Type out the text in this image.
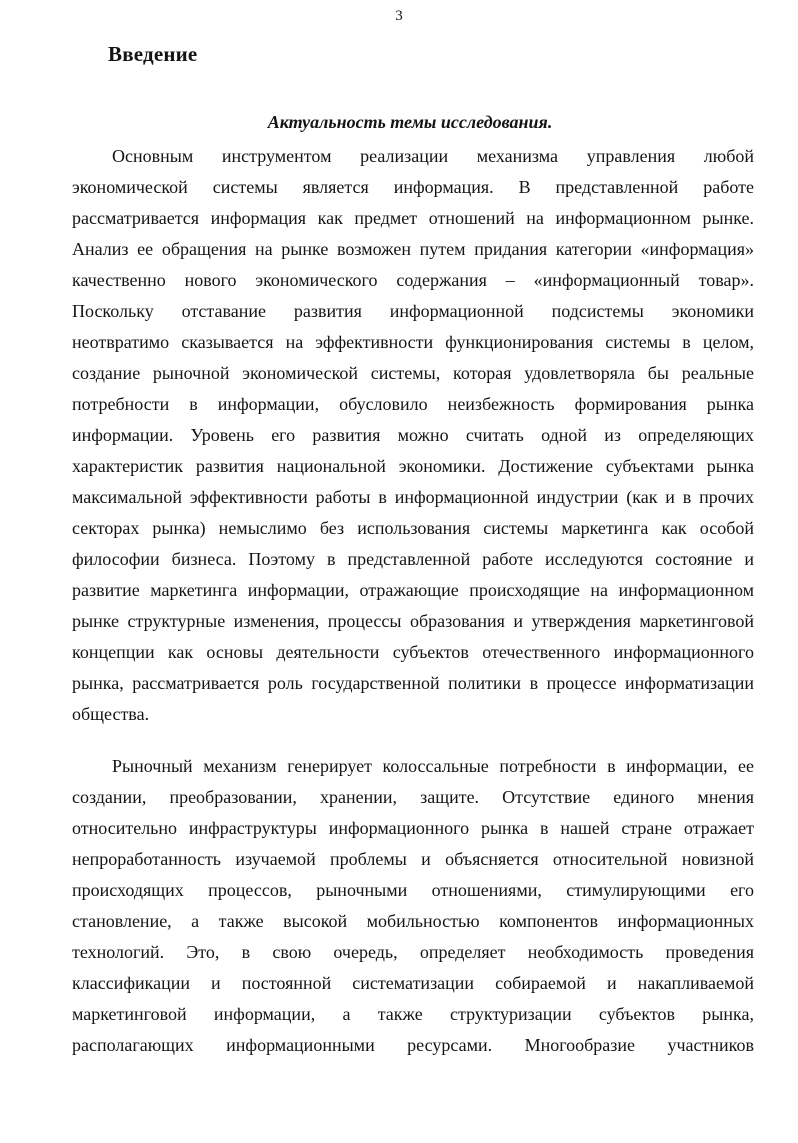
3
Введение
Актуальность темы исследования.
Основным инструментом реализации механизма управления любой
экономической системы является информация. В представленной работе
рассматривается информация как предмет отношений на информационном рынке.
Анализ ее обращения на рынке возможен путем придания категории «информация»
качественно нового экономического содержания – «информационный товар».
Поскольку отставание развития информационной подсистемы экономики
неотвратимо сказывается на эффективности функционирования системы в целом,
создание рыночной экономической системы, которая удовлетворяла бы реальные
потребности в информации, обусловило неизбежность формирования рынка
информации. Уровень его развития можно считать одной из определяющих
характеристик развития национальной экономики. Достижение субъектами рынка
максимальной эффективности работы в информационной индустрии (как и в прочих
секторах рынка) немыслимо без использования системы маркетинга как особой
философии бизнеса. Поэтому в представленной работе исследуются состояние и
развитие маркетинга информации, отражающие происходящие на информационном
рынке структурные изменения, процессы образования и утверждения маркетинговой
концепции как основы деятельности субъектов отечественного информационного
рынка, рассматривается роль государственной политики в процессе информатизации
общества.
Рыночный механизм генерирует колоссальные потребности в информации, ее
создании, преобразовании, хранении, защите. Отсутствие единого мнения
относительно инфраструктуры информационного рынка в нашей стране отражает
непроработанность изучаемой проблемы и объясняется относительной новизной
происходящих процессов, рыночными отношениями, стимулирующими его
становление, а также высокой мобильностью компонентов информационных
технологий. Это, в свою очередь, определяет необходимость проведения
классификации и постоянной систематизации собираемой и накапливаемой
маркетинговой информации, а также структуризации субъектов рынка,
располагающих информационными ресурсами. Многообразие участников
